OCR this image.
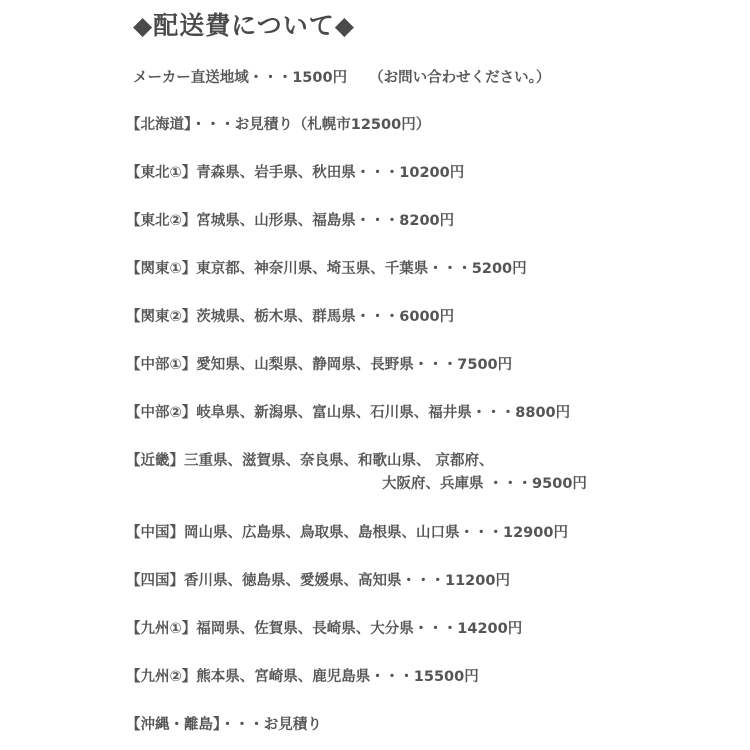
◆配送費について◆
メーカー直送地域・・・1500円 （お問い合わせください。）
【北海道】・・・お見積り（札幌市12500円）
【東北①】青森県、岩手県、秋田県・・・10200円
【東北②】宮城県、山形県、福島県・・・8200円
【関東①】東京都、神奈川県、埼玉県、千葉県・・・5200円
【関東②】茨城県、栃木県、群馬県・・・6000円
【中部①】愛知県、山梨県、静岡県、長野県・・・7500円
【中部②】岐阜県、新潟県、富山県、石川県、福井県・・・8800円
【近畿】三重県、滋賀県、奈良県、和歌山県、 京都府、
大阪府、兵庫県 ・・・9500円
【中国】岡山県、広島県、鳥取県、島根県、山口県・・・12900円
【四国】香川県、徳島県、愛媛県、高知県・・・11200円
【九州①】福岡県、佐賀県、長崎県、大分県・・・14200円
【九州②】熊本県、宮崎県、鹿児島県・・・15500円
【沖縄・離島】・・・お見積り
